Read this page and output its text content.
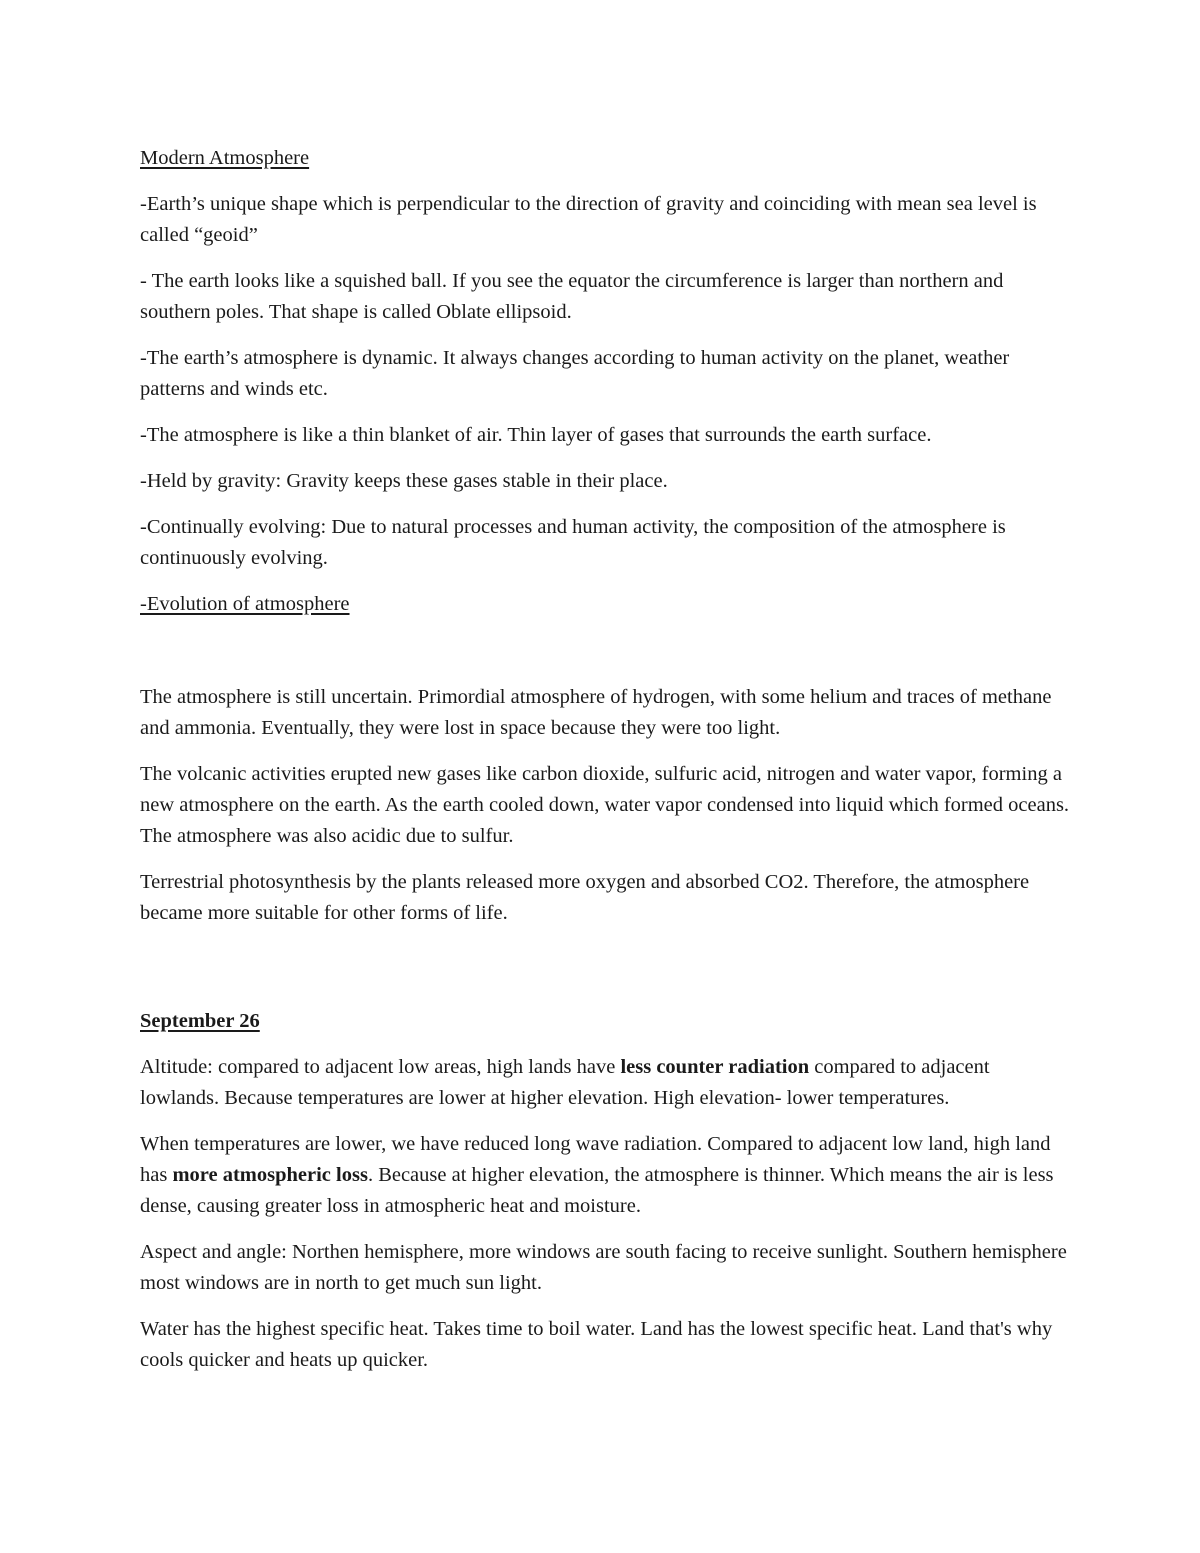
Modern Atmosphere

-Earth’s unique shape which is perpendicular to the direction of gravity and coinciding with mean sea level is called “geoid”

- The earth looks like a squished ball. If you see the equator the circumference is larger than northern and southern poles. That shape is called Oblate ellipsoid.

-The earth’s atmosphere is dynamic. It always changes according to human activity on the planet, weather patterns and winds etc.

-The atmosphere is like a thin blanket of air. Thin layer of gases that surrounds the earth surface.

-Held by gravity: Gravity keeps these gases stable in their place.

-Continually evolving: Due to natural processes and human activity, the composition of the atmosphere is continuously evolving.

-Evolution of atmosphere

The atmosphere is still uncertain. Primordial atmosphere of hydrogen, with some helium and traces of methane and ammonia. Eventually, they were lost in space because they were too light.

The volcanic activities erupted new gases like carbon dioxide, sulfuric acid, nitrogen and water vapor, forming a new atmosphere on the earth. As the earth cooled down, water vapor condensed into liquid which formed oceans. The atmosphere was also acidic due to sulfur.

Terrestrial photosynthesis by the plants released more oxygen and absorbed CO2. Therefore, the atmosphere became more suitable for other forms of life.

September 26

Altitude: compared to adjacent low areas, high lands have less counter radiation compared to adjacent lowlands. Because temperatures are lower at higher elevation. High elevation- lower temperatures.

When temperatures are lower, we have reduced long wave radiation. Compared to adjacent low land, high land has more atmospheric loss. Because at higher elevation, the atmosphere is thinner. Which means the air is less dense, causing greater loss in atmospheric heat and moisture.

Aspect and angle: Northen hemisphere, more windows are south facing to receive sunlight. Southern hemisphere most windows are in north to get much sun light.

Water has the highest specific heat. Takes time to boil water. Land has the lowest specific heat. Land that's why cools quicker and heats up quicker.
